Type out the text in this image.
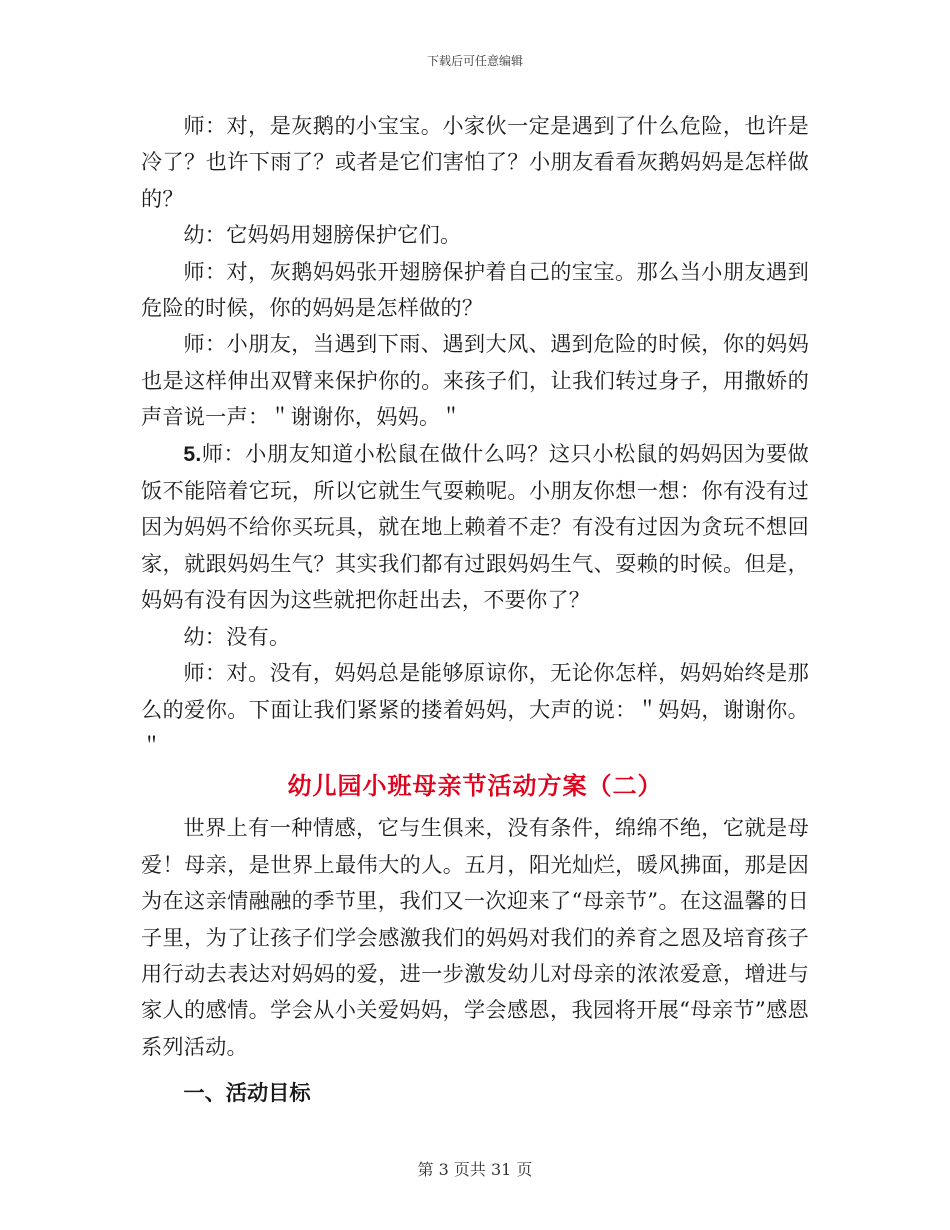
下载后可任意编辑

师：对，是灰鹅的小宝宝。小家伙一定是遇到了什么危险，也许是冷了？也许下雨了？或者是它们害怕了？小朋友看看灰鹅妈妈是怎样做的？

幼：它妈妈用翅膀保护它们。

师：对，灰鹅妈妈张开翅膀保护着自己的宝宝。那么当小朋友遇到危险的时候，你的妈妈是怎样做的？

师：小朋友，当遇到下雨、遇到大风、遇到危险的时候，你的妈妈也是这样伸出双臂来保护你的。来孩子们，让我们转过身子，用撒娇的声音说一声：＂谢谢你，妈妈。＂

5.师：小朋友知道小松鼠在做什么吗？这只小松鼠的妈妈因为要做饭不能陪着它玩，所以它就生气耍赖呢。小朋友你想一想：你有没有过因为妈妈不给你买玩具，就在地上赖着不走？有没有过因为贪玩不想回家，就跟妈妈生气？其实我们都有过跟妈妈生气、耍赖的时候。但是，妈妈有没有因为这些就把你赶出去，不要你了？

幼：没有。

师：对。没有，妈妈总是能够原谅你，无论你怎样，妈妈始终是那么的爱你。下面让我们紧紧的搂着妈妈，大声的说：＂妈妈，谢谢你。＂

幼儿园小班母亲节活动方案（二）

世界上有一种情感，它与生俱来，没有条件，绵绵不绝，它就是母爱！母亲，是世界上最伟大的人。五月，阳光灿烂，暖风拂面，那是因为在这亲情融融的季节里，我们又一次迎来了“母亲节”。在这温馨的日子里，为了让孩子们学会感激我们的妈妈对我们的养育之恩及培育孩子用行动去表达对妈妈的爱，进一步激发幼儿对母亲的浓浓爱意，增进与家人的感情。学会从小关爱妈妈，学会感恩，我园将开展“母亲节”感恩系列活动。

一、活动目标
第 3 页共 31 页
